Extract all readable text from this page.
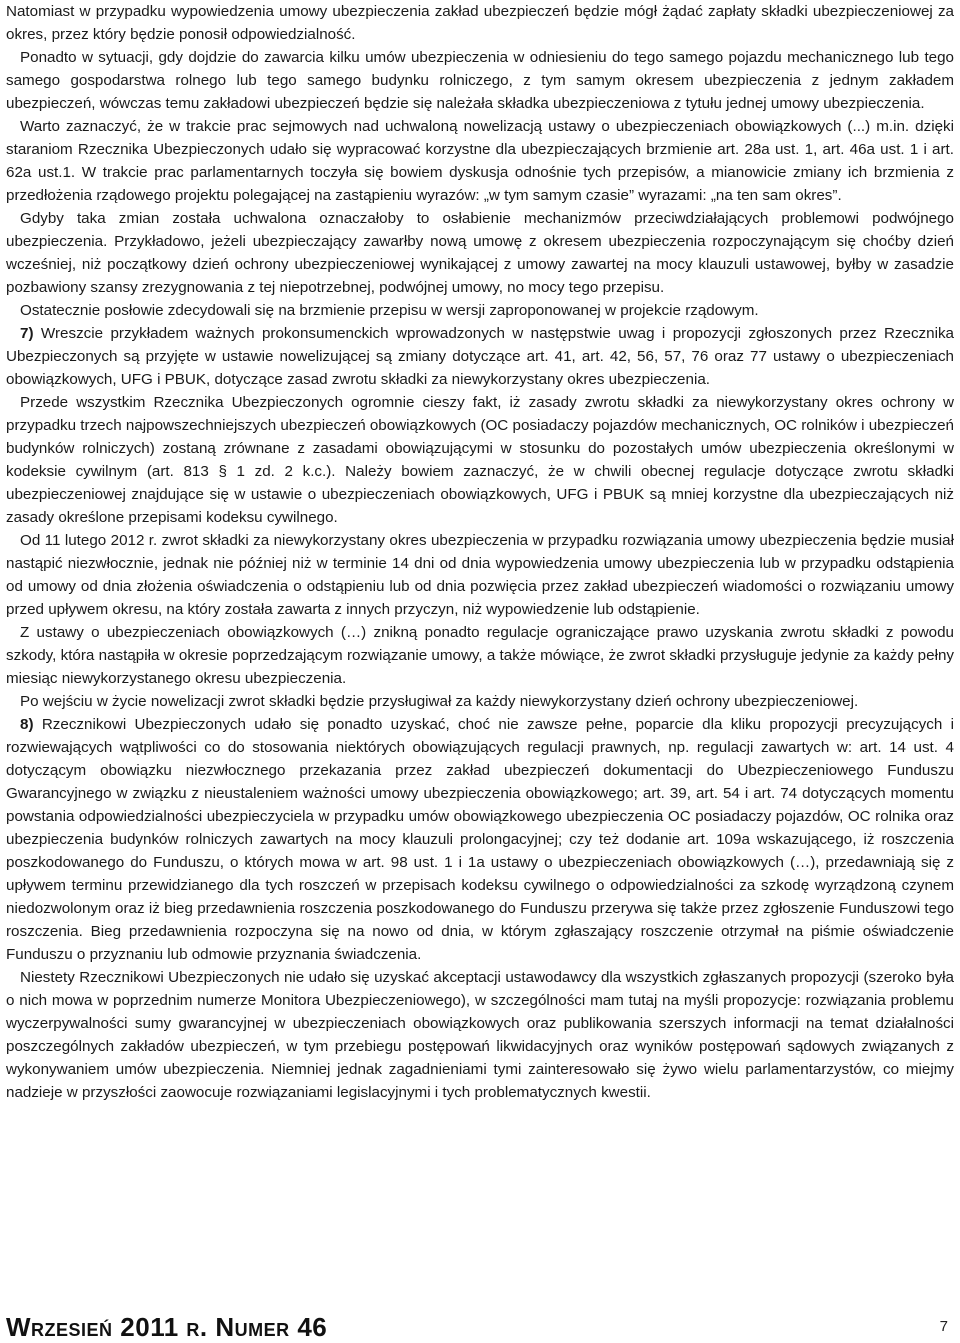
Natomiast w przypadku wypowiedzenia umowy ubezpieczenia zakład ubezpieczeń będzie mógł żądać zapłaty składki ubezpieczeniowej za okres, przez który będzie ponosił odpowiedzialność.

Ponadto w sytuacji, gdy dojdzie do zawarcia kilku umów ubezpieczenia w odniesieniu do tego samego pojazdu mechanicznego lub tego samego gospodarstwa rolnego lub tego samego budynku rolniczego, z tym samym okresem ubezpieczenia z jednym zakładem ubezpieczeń, wówczas temu zakładowi ubezpieczeń będzie się należała składka ubezpieczeniowa z tytułu jednej umowy ubezpieczenia.

Warto zaznaczyć, że w trakcie prac sejmowych nad uchwaloną nowelizacją ustawy o ubezpieczeniach obowiązkowych (...) m.in. dzięki staraniom Rzecznika Ubezpieczonych udało się wypracować korzystne dla ubezpieczających brzmienie art. 28a ust. 1, art. 46a ust. 1 i art. 62a ust.1. W trakcie prac parlamentarnych toczyła się bowiem dyskusja odnośnie tych przepisów, a mianowicie zmiany ich brzmienia z przedłożenia rządowego projektu polegającej na zastąpieniu wyrazów: „w tym samym czasie” wyrazami: „na ten sam okres”.

Gdyby taka zmian została uchwalona oznaczałoby to osłabienie mechanizmów przeciwdziałających problemowi podwójnego ubezpieczenia. Przykładowo, jeżeli ubezpieczający zawarłby nową umowę z okresem ubezpieczenia rozpoczynającym się choćby dzień wcześniej, niż początkowy dzień ochrony ubezpieczeniowej wynikającej z umowy zawartej na mocy klauzuli ustawowej, byłby w zasadzie pozbawiony szansy zrezygnowania z tej niepotrzebnej, podwójnej umowy, no mocy tego przepisu.

Ostatecznie posłowie zdecydowali się na brzmienie przepisu w wersji zaproponowanej w projekcie rządowym.

7) Wreszcie przykładem ważnych prokonsumenckich wprowadzonych w następstwie uwag i propozycji zgłoszonych przez Rzecznika Ubezpieczonych są przyjęte w ustawie nowelizującej są zmiany dotyczące art. 41, art. 42, 56, 57, 76 oraz 77 ustawy o ubezpieczeniach obowiązkowych, UFG i PBUK, dotyczące zasad zwrotu składki za niewykorzystany okres ubezpieczenia.

Przede wszystkim Rzecznika Ubezpieczonych ogromnie cieszy fakt, iż zasady zwrotu składki za niewykorzystany okres ochrony w przypadku trzech najpowszechniejszych ubezpieczeń obowiązkowych (OC posiadaczy pojazdów mechanicznych, OC rolników i ubezpieczeń budynków rolniczych) zostaną zrównane z zasadami obowiązującymi w stosunku do pozostałych umów ubezpieczenia określonymi w kodeksie cywilnym (art. 813 § 1 zd. 2 k.c.). Należy bowiem zaznaczyć, że w chwili obecnej regulacje dotyczące zwrotu składki ubezpieczeniowej znajdujące się w ustawie o ubezpieczeniach obowiązkowych, UFG i PBUK są mniej korzystne dla ubezpieczających niż zasady określone przepisami kodeksu cywilnego.

Od 11 lutego 2012 r. zwrot składki za niewykorzystany okres ubezpieczenia w przypadku rozwiązania umowy ubezpieczenia będzie musiał nastąpić niezwłocznie, jednak nie później niż w terminie 14 dni od dnia wypowiedzenia umowy ubezpieczenia lub w przypadku odstąpienia od umowy od dnia złożenia oświadczenia o odstąpieniu lub od dnia pozwięcia przez zakład ubezpieczeń wiadomości o rozwiązaniu umowy przed upływem okresu, na który została zawarta z innych przyczyn, niż wypowiedzenie lub odstąpienie.

Z ustawy o ubezpieczeniach obowiązkowych (…) znikną ponadto regulacje ograniczające prawo uzyskania zwrotu składki z powodu szkody, która nastąpiła w okresie poprzedzającym rozwiązanie umowy, a także mówiące, że zwrot składki przysługuje jedynie za każdy pełny miesiąc niewykorzystanego okresu ubezpieczenia.

Po wejściu w życie nowelizacji zwrot składki będzie przysługiwał za każdy niewykorzystany dzień ochrony ubezpieczeniowej.

8) Rzecznikowi Ubezpieczonych udało się ponadto uzyskać, choć nie zawsze pełne, poparcie dla kliku propozycji precyzujących i rozwiewających wątpliwości co do stosowania niektórych obowiązujących regulacji prawnych, np. regulacji zawartych w: art. 14 ust. 4 dotyczącym obowiązku niezwłocznego przekazania przez zakład ubezpieczeń dokumentacji do Ubezpieczeniowego Funduszu Gwarancyjnego w związku z nieustaleniem ważności umowy ubezpieczenia obowiązkowego; art. 39, art. 54 i art. 74 dotyczących momentu powstania odpowiedzialności ubezpieczyciela w przypadku umów obowiązkowego ubezpieczenia OC posiadaczy pojazdów, OC rolnika oraz ubezpieczenia budynków rolniczych zawartych na mocy klauzuli prolongacyjnej; czy też dodanie art. 109a wskazującego, iż roszczenia poszkodowanego do Funduszu, o których mowa w art. 98 ust. 1 i 1a ustawy o ubezpieczeniach obowiązkowych (…), przedawniają się z upływem terminu przewidzianego dla tych roszczeń w przepisach kodeksu cywilnego o odpowiedzialności za szkodę wyrządzoną czynem niedozwolonym oraz iż bieg przedawnienia roszczenia poszkodowanego do Funduszu przerywa się także przez zgłoszenie Funduszowi tego roszczenia. Bieg przedawnienia rozpoczyna się na nowo od dnia, w którym zgłaszający roszczenie otrzymał na piśmie oświadczenie Funduszu o przyznaniu lub odmowie przyznania świadczenia.

Niestety Rzecznikowi Ubezpieczonych nie udało się uzyskać akceptacji ustawodawcy dla wszystkich zgłaszanych propozycji (szeroko była o nich mowa w poprzednim numerze Monitora Ubezpieczeniowego), w szczególności mam tutaj na myśli propozycje: rozwiązania problemu wyczerpywalności sumy gwarancyjnej w ubezpieczeniach obowiązkowych oraz publikowania szerszych informacji na temat działalności poszczególnych zakładów ubezpieczeń, w tym przebiegu postępowań likwidacyjnych oraz wyników postępowań sądowych związanych z wykonywaniem umów ubezpieczenia. Niemniej jednak zagadnieniami tymi zainteresowało się żywo wielu parlamentarzystów, co miejmy nadzieje w przyszłości zaowocuje rozwiązaniami legislacyjnymi i tych problematycznych kwestii.

Wrzesień 2011 r. Numer 46	7
